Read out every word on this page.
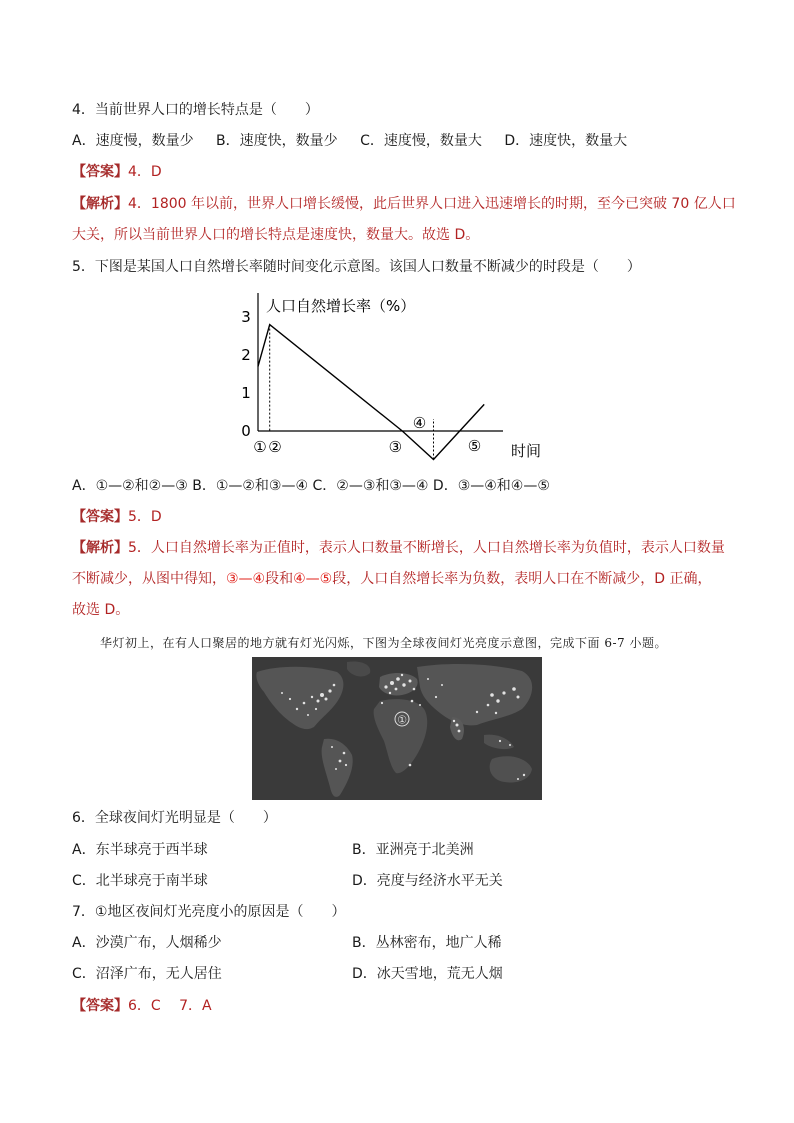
4．当前世界人口的增长特点是（　　）
A．速度慢，数量少 B．速度快，数量少 C．速度慢，数量大 D．速度快，数量大
【答案】4．D
【解析】4．1800 年以前，世界人口增长缓慢，此后世界人口进入迅速增长的时期，至今已突破 70 亿人口
大关，所以当前世界人口的增长特点是速度快，数量大。故选 D。
5．下图是某国人口自然增长率随时间变化示意图。该国人口数量不断减少的时段是（　　）
人口自然增长率（%）
时间
0
1
2
3
① ②	③
④
⑤
A．①—②和②—③ B．①—②和③—④ C．②—③和③—④ D．③—④和④—⑤
【答案】5．D
【解析】5．人口自然增长率为正值时，表示人口数量不断增长，人口自然增长率为负值时，表示人口数量
不断减少，从图中得知，③—④段和④—⑤段，人口自然增长率为负数，表明人口在不断减少，D 正确，
故选 D。
华灯初上，在有人口聚居的地方就有灯光闪烁，下图为全球夜间灯光亮度示意图，完成下面 6-7 小题。
①
6．全球夜间灯光明显是（　　）
A．东半球亮于西半球	B．亚洲亮于北美洲
C．北半球亮于南半球	D．亮度与经济水平无关
7．①地区夜间灯光亮度小的原因是（　　）
A．沙漠广布，人烟稀少	B．丛林密布，地广人稀
C．沼泽广布，无人居住	D．冰天雪地，荒无人烟
【答案】6．C　 7．A
